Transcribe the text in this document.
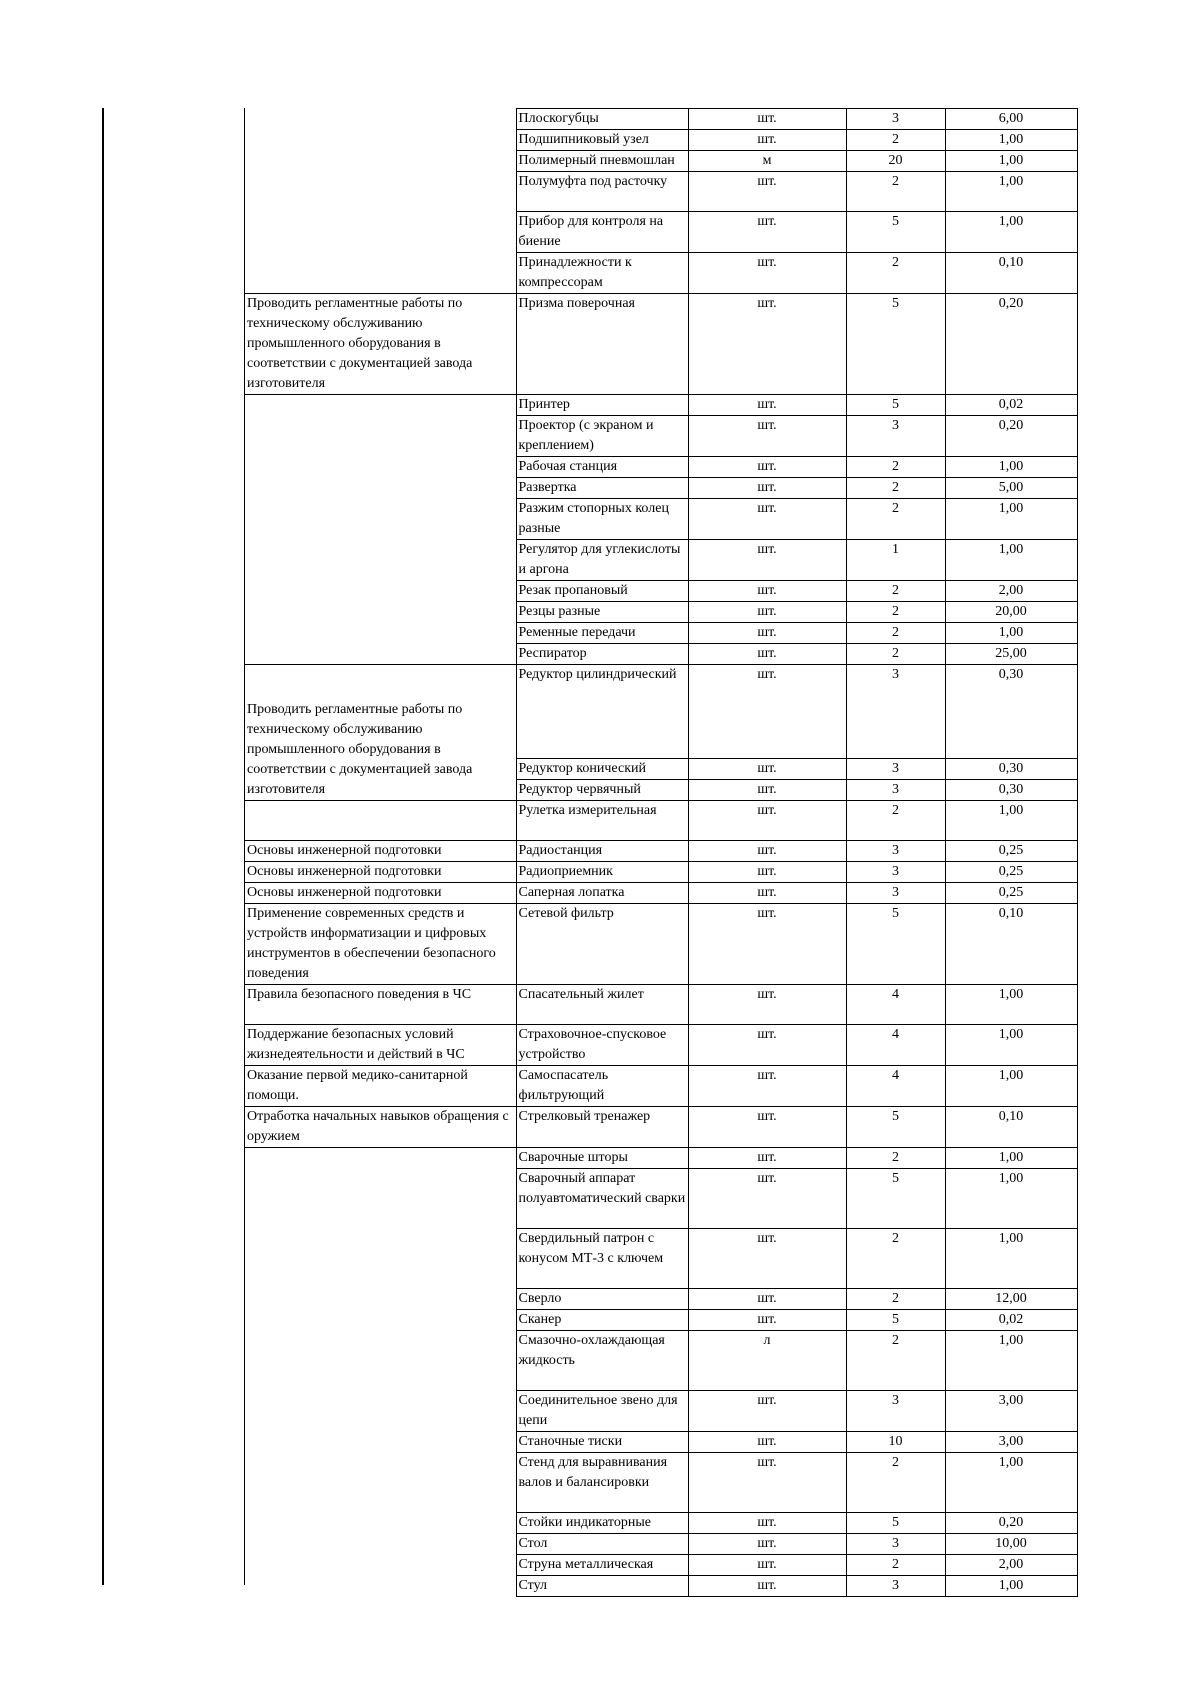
	Плоскогубцы	шт.	3	6,00
	Подшипниковый узел	шт.	2	1,00
	Полимерный пневмошлан	м	20	1,00
	Полумуфта под расточку	шт.	2	1,00
	Прибор для контроля на биение	шт.	5	1,00
	Принадлежности к компрессорам	шт.	2	0,10
Проводить регламентные работы по техническому обслуживанию промышленного оборудования в соответствии с документацией завода изготовителя	Призма поверочная	шт.	5	0,20

	Принтер	шт.	5	0,02
	Проектор (с экраном и креплением)	шт.	3	0,20
	Рабочая станция	шт.	2	1,00
	Развертка	шт.	2	5,00
	Разжим стопорных колец разные	шт.	2	1,00
	Регулятор для углекислоты и аргона	шт.	1	1,00
	Резак пропановый	шт.	2	2,00
	Резцы разные	шт.	2	20,00
	Ременные передачи	шт.	2	1,00
	Респиратор	шт.	2	25,00

Проводить регламентные работы по техническому обслуживанию промышленного оборудования в соответствии с документацией завода изготовителя	Редуктор цилиндрический	шт.	3	0,30
	Редуктор конический	шт.	3	0,30
	Редуктор червячный	шт.	3	0,30
	Рулетка измерительная	шт.	2	1,00
Основы инженерной подготовки	Радиостанция	шт.	3	0,25
Основы инженерной подготовки	Радиоприемник	шт.	3	0,25
Основы инженерной подготовки	Саперная лопатка	шт.	3	0,25
Применение современных средств и устройств информатизации и цифровых инструментов в обеспечении безопасного поведения	Сетевой фильтр	шт.	5	0,10
Правила безопасного поведения в ЧС	Спасательный жилет	шт.	4	1,00
Поддержание безопасных условий жизнедеятельности и действий в ЧС	Страховочное-спусковое устройство	шт.	4	1,00
Оказание первой медико-санитарной помощи.	Самоспасатель фильтрующий	шт.	4	1,00
Отработка начальных навыков обращения с оружием	Стрелковый тренажер	шт.	5	0,10

	Сварочные шторы	шт.	2	1,00
	Сварочный аппарат полуавтоматический сварки	шт.	5	1,00
	Свердильный патрон с конусом МТ-3 с ключем	шт.	2	1,00
	Сверло	шт.	2	12,00
	Сканер	шт.	5	0,02
	Смазочно-охлаждающая жидкость	л	2	1,00
	Соединительное звено для цепи	шт.	3	3,00
	Станочные тиски	шт.	10	3,00
	Стенд для выравнивания валов и балансировки	шт.	2	1,00
	Стойки индикаторные	шт.	5	0,20
	Стол	шт.	3	10,00
	Струна металлическая	шт.	2	2,00
	Стул	шт.	3	1,00
